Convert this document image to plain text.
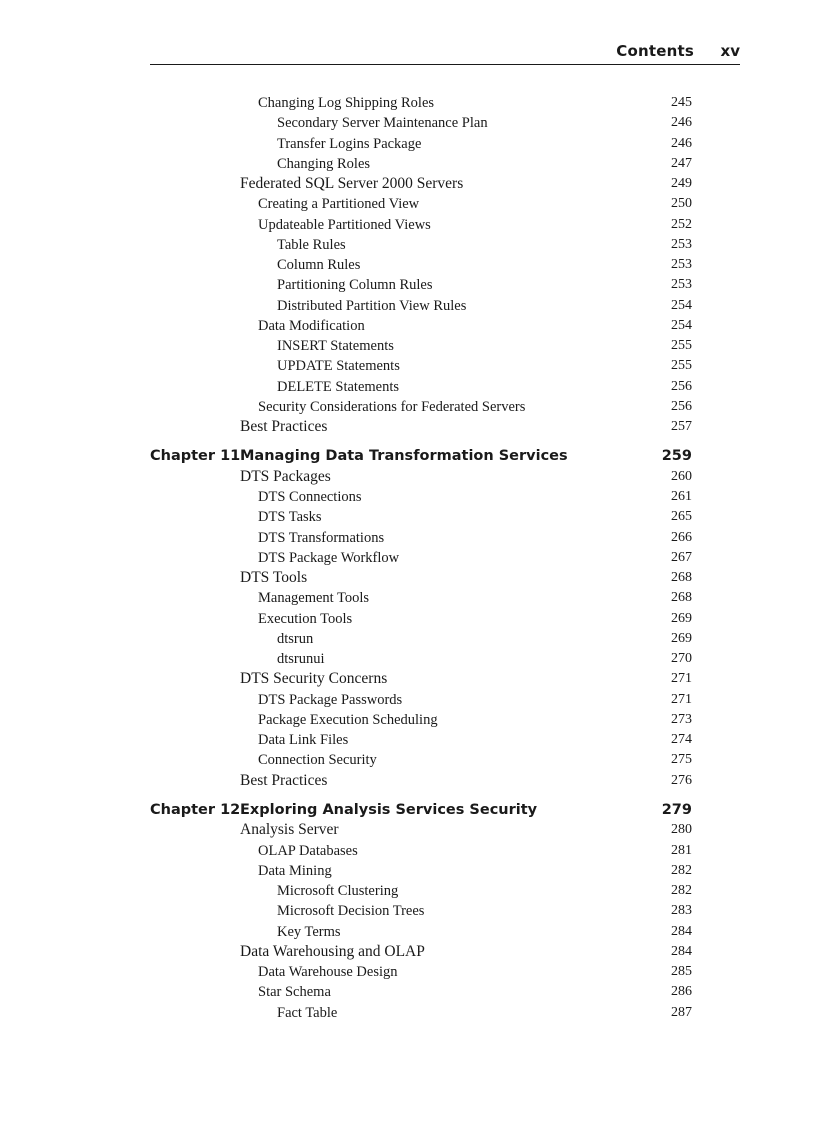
Contents xv
Changing Log Shipping Roles	245
Secondary Server Maintenance Plan	246
Transfer Logins Package	246
Changing Roles	247
Federated SQL Server 2000 Servers	249
Creating a Partitioned View	250
Updateable Partitioned Views	252
Table Rules	253
Column Rules	253
Partitioning Column Rules	253
Distributed Partition View Rules	254
Data Modification	254
INSERT Statements	255
UPDATE Statements	255
DELETE Statements	256
Security Considerations for Federated Servers	256
Best Practices	257
Chapter 11 Managing Data Transformation Services	259
DTS Packages	260
DTS Connections	261
DTS Tasks	265
DTS Transformations	266
DTS Package Workflow	267
DTS Tools	268
Management Tools	268
Execution Tools	269
dtsrun	269
dtsrunui	270
DTS Security Concerns	271
DTS Package Passwords	271
Package Execution Scheduling	273
Data Link Files	274
Connection Security	275
Best Practices	276
Chapter 12 Exploring Analysis Services Security	279
Analysis Server	280
OLAP Databases	281
Data Mining	282
Microsoft Clustering	282
Microsoft Decision Trees	283
Key Terms	284
Data Warehousing and OLAP	284
Data Warehouse Design	285
Star Schema	286
Fact Table	287
